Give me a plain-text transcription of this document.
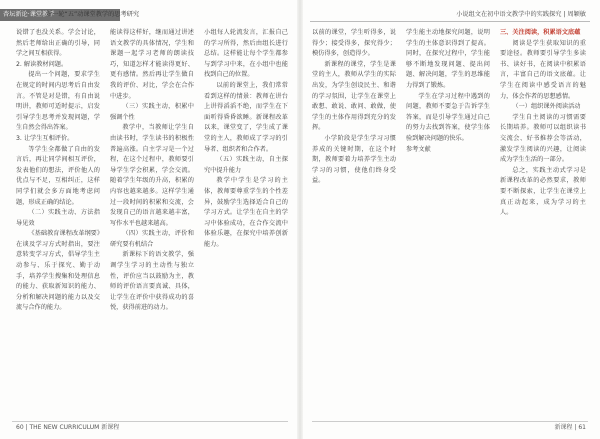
杏坛新论·课堂教学
新一轮“五”动课堂教学的思考研究

说错了也没关系。学会讨论，然后老师给出正确的引导，同学之间互相获得。

2. 解读教材问题。

提出一个问题，要求学生在规定的时间内思考后自由发言。不管是对是错，有自由说明讲，教师可适时提示，启发引导学生思考并发现问题，学生自然会得出答案。

3. 让学生互相评价。

等学生全都做了自由的发言后，再让同学间相互评价，发表他们的想法，评价他人的优点与不足，互相纠正，这样同学们就会多方面地考虑问题，形成正确的结论。

（二）实践主动、方法指导见效

《基础教育课程改革纲要》在谈及学习方式时指出，要注意转变学习方式，倡导学生主动参与、乐于探究、勤于动手，培养学生搜集和处理信息的能力、获取新知识的能力、分析和解决问题的能力以及交流与合作的能力。

能读得这样好，继而通过讲述语文教学的具体情况，学生和课题一起学习老师的朗读技巧，知道怎样才能读得更好、更有感情。然后再让学生做自我的评价、对比，学会在合作中进步。

（三）实践主动，积累中强调个性

教学中，当教师让学生自由读书时，学生读书的积极性普遍高涨。自主学习是一个过程，在这个过程中，教师要引导学生学会积累，学会交流。随着学生年级的升高，积累的内容也越来越多。这样学生通过一段时间的积累和交流，会发现自己的语言越来越丰富，写作水平也越来越高。

（四）实践主动，评价和研究要有机结合

新课标下的语文教学，强调学生学习的主动性与独立性，评价应当以鼓励为主，教师的评价语言要真诚、具体，让学生在评价中获得成功的喜悦，获得前进的动力。

小组每人轮流发言，汇报自己的学习所得，然后由组长进行总结。这样能让每个学生都参与到学习中来，在小组中也能找到自己的位置。

以前的课堂上，我们常常看到这样的情景：教师在讲台上讲得滔滔不绝，而学生在下面听得昏昏欲睡。新课程改革以来，课堂变了，学生成了课堂的主人，教师成了学习的引导者、组织者和合作者。

（五）实践主动，自主探究中提升能力

教学中学生是学习的主体，教师要尊重学生的个性差异，鼓励学生选择适合自己的学习方式。让学生在自主的学习中体验成功，在合作交流中体验乐趣，在探究中培养创新能力。

60 | THE NEW CURRICULUM 新课程
小说组文在初中语文教学中的实践探究 | 周颖敏

以前的课堂，学生听得多，说得少；接受得多，探究得少；模仿得多，创造得少。

新课程的课堂，学生是课堂的主人，教师从学生的实际出发，为学生创设民主、和谐的学习氛围，让学生在课堂上敢想、敢说、敢问、敢做，使学生的主体作用得到充分的发挥。

小学阶段是学生学习习惯养成的关键时期，在这个时期，教师要着力培养学生主动学习的习惯，使他们终身受益。

学生能主动地探究问题，说明学生的主体意识得到了提高。同时，在探究过程中，学生能够不断地发现问题、提出问题、解决问题，学生的思维能力得到了锻炼。

学生在学习过程中遇到的问题，教师不要急于告诉学生答案，而是引导学生通过自己的努力去找到答案，使学生体验到解决问题的快乐。

参考文献

三、关注阅读，积累语文底蕴

阅读是学生获取知识的重要途径。教师要引导学生多读书、读好书，在阅读中积累语言，丰富自己的语文底蕴。让学生在阅读中感受语言的魅力，体会作者的思想感情。

（一）组织课外阅读活动

学生自主阅读的习惯需要长期培养。教师可以组织读书交流会、好书推荐会等活动，激发学生阅读的兴趣，让阅读成为学生生活的一部分。

总之，实践主动式学习是新课程改革的必然要求，教师要不断探索，让学生在课堂上真正动起来，成为学习的主人。

新课程 | 61
